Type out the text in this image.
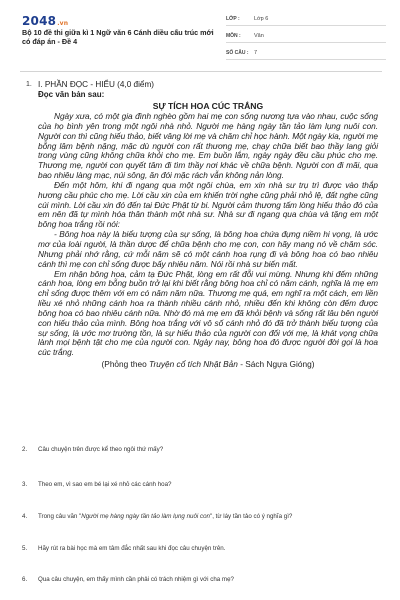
2048.vn
Bộ 10 đề thi giữa kì 1 Ngữ văn 6 Cánh diều cấu trúc mới có đáp án - Đề 4
LỚP :	Lớp 6
MÔN :	Văn
SỐ CÂU :	7
1. I. PHẦN ĐỌC - HIỂU (4,0 điểm)
Đọc văn bản sau:
SỰ TÍCH HOA CÚC TRẮNG

Ngày xưa, có một gia đình nghèo gồm hai mẹ con sống nương tựa vào nhau, cuộc sống của họ bình yên trong một ngôi nhà nhỏ. Người mẹ hàng ngày tần tảo làm lụng nuôi con. Người con thì cũng hiếu thảo, biết vâng lời mẹ và chăm chỉ học hành. Một ngày kia, người mẹ bỗng lâm bệnh nặng, mặc dù người con rất thương mẹ, chạy chữa biết bao thầy lang giỏi trong vùng cũng không chữa khỏi cho mẹ. Em buồn lắm, ngày ngày đều cầu phúc cho mẹ. Thương mẹ, người con quyết tâm đi tìm thầy nơi khác về chữa bệnh. Người con đi mãi, qua bao nhiêu làng mạc, núi sông, ăn đói mặc rách vẫn không nản lòng.

Đến một hôm, khi đi ngang qua một ngôi chùa, em xin nhà sư trụ trì được vào thắp hương cầu phúc cho mẹ. Lời cầu xin của em khiến trời nghe cũng phải nhỏ lệ, đất nghe cũng cúi mình. Lời cầu xin đó đến tai Đức Phật từ bi. Người cảm thương tấm lòng hiếu thảo đó của em nên đã tự mình hóa thân thành một nhà sư. Nhà sư đi ngang qua chùa và tặng em một bông hoa trắng rồi nói:

- Bông hoa này là biểu tượng của sự sống, là bông hoa chứa đựng niềm hi vọng, là ước mơ của loài người, là thần dược để chữa bệnh cho mẹ con, con hãy mang nó về chăm sóc. Nhưng phải nhớ rằng, cứ mỗi năm sẽ có một cánh hoa rụng đi và bông hoa có bao nhiêu cánh thì mẹ con chỉ sống được bấy nhiêu năm. Nói rồi nhà sư biến mất.

Em nhận bông hoa, cảm tạ Đức Phật, lòng em rất đỗi vui mừng. Nhưng khi đếm những cánh hoa, lòng em bỗng buồn trở lại khi biết rằng bông hoa chỉ có năm cánh, nghĩa là mẹ em chỉ sống được thêm với em có năm năm nữa. Thương mẹ quá, em nghĩ ra một cách, em liền liều xé nhỏ những cánh hoa ra thành nhiều cánh nhỏ, nhiều đến khi không còn đếm được bông hoa có bao nhiêu cánh nữa. Nhờ đó mà mẹ em đã khỏi bệnh và sống rất lâu bên người con hiếu thảo của mình. Bông hoa trắng với vô số cánh nhỏ đó đã trở thành biểu tượng của sự sống, là ước mơ trường tồn, là sự hiếu thảo của người con đối với mẹ, là khát vọng chữa lành mọi bệnh tật cho mẹ của người con. Ngày nay, bông hoa đó được người đời gọi là hoa cúc trắng.

(Phỏng theo Truyện cổ tích Nhật Bản - Sách Ngựa Gióng)
2.	Câu chuyện trên được kể theo ngôi thứ mấy?
3.	Theo em, vì sao em bé lại xé nhỏ các cánh hoa?
4.	Trong câu văn "Người mẹ hàng ngày tần tảo làm lụng nuôi con", từ láy tần tảo có ý nghĩa gì?
5.	Hãy rút ra bài học mà em tâm đắc nhất sau khi đọc câu chuyện trên.
6.	Qua câu chuyện, em thấy mình cần phải có trách nhiệm gì với cha mẹ?
